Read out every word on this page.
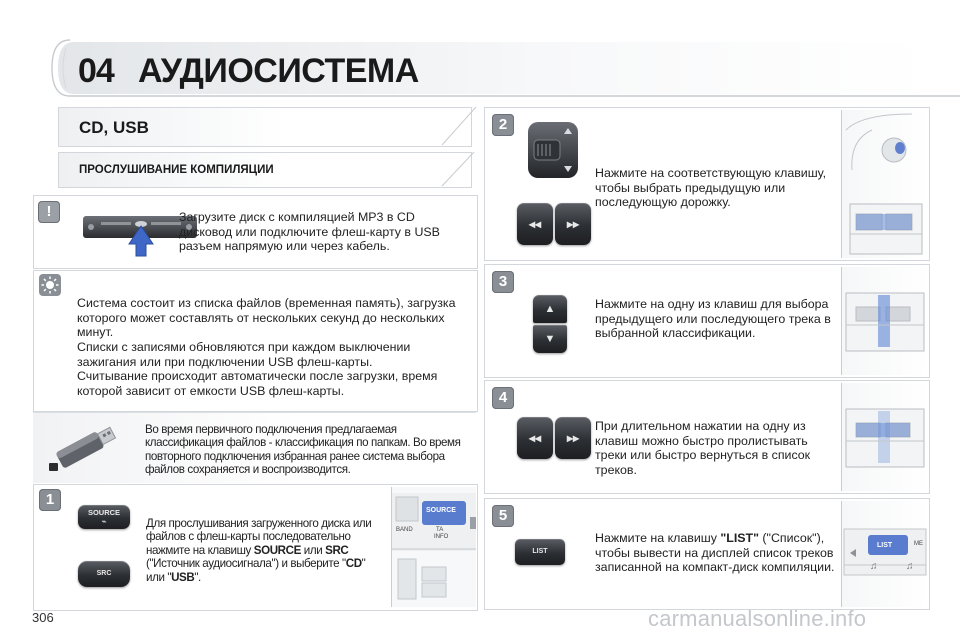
04 АУДИОСИСТЕМА
CD, USB
ПРОСЛУШИВАНИЕ КОМПИЛЯЦИИ
!	Загрузите диск с компиляцией MP3 в CD дисковод или подключите флеш-карту в USB разъем напрямую или через кабель.
Система состоит из списка файлов (временная память), загрузка которого может составлять от нескольких секунд до нескольких минут.
Списки с записями обновляются при каждом выключении зажигания или при подключении USB флеш-карты.
Считывание происходит автоматически после загрузки, время которой зависит от емкости USB флеш-карты.
Во время первичного подключения предлагаемая классификация файлов - классификация по папкам. Во время повторного подключения избранная ранее система выбора файлов сохраняется и воспроизводится.
1
SOURCE
⌁
SRC
Для прослушивания загруженного диска или файлов с флеш-карты последовательно нажмите на клавишу SOURCE или SRC ("Источник аудиосигнала") и выберите "CD" или "USB".
SOURCE
BAND	TA
INFO
2
◂◂	▸▸
Нажмите на соответствующую клавишу, чтобы выбрать предыдущую или последующую дорожку.
3
▲
▼
Нажмите на одну из клавиш для выбора предыдущего или последующего трека в выбранной классификации.
4
◂◂	▸▸
При длительном нажатии на одну из клавиш можно быстро пролистывать треки или быстро вернуться в список треков.
5
LIST
Нажмите на клавишу "LIST" ("Список"), чтобы вывести на дисплей список треков записанной на компакт-диск компиляции.
LIST	ME
♫	♫
306	carmanualsonline.info
